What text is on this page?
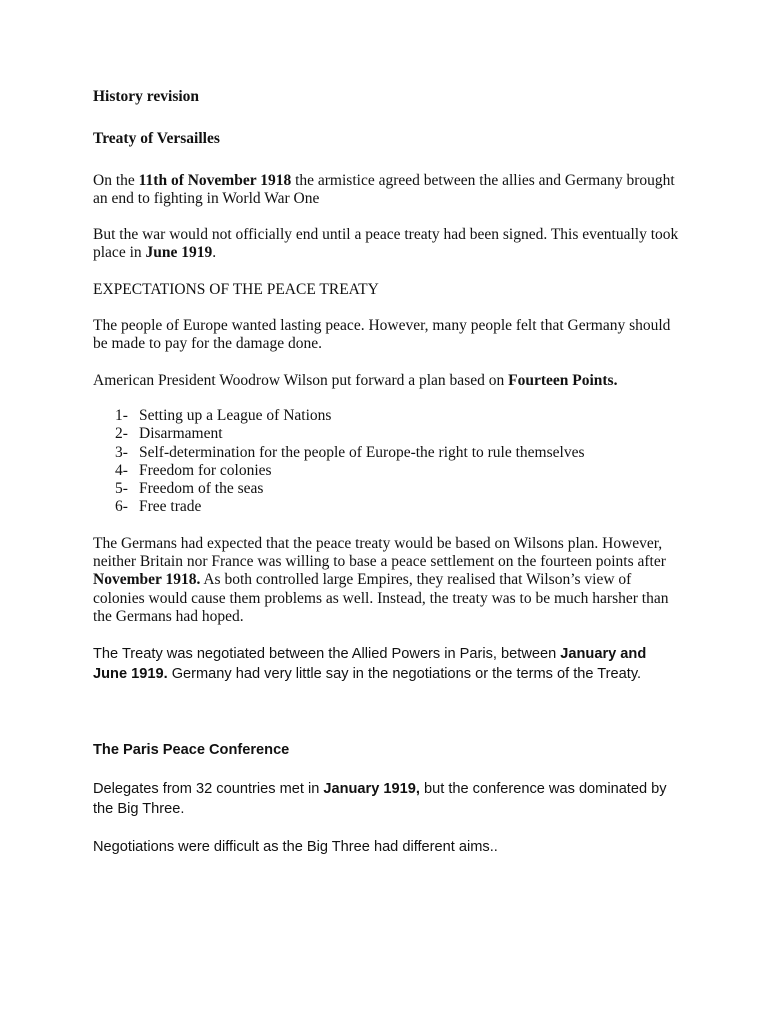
History revision

Treaty of Versailles

On the 11th of November 1918 the armistice agreed between the allies and Germany brought an end to fighting in World War One

But the war would not officially end until a peace treaty had been signed. This eventually took place in June 1919.

EXPECTATIONS OF THE PEACE TREATY

The people of Europe wanted lasting peace. However, many people felt that Germany should be made to pay for the damage done.

American President Woodrow Wilson put forward a plan based on Fourteen Points.

1- Setting up a League of Nations
2- Disarmament
3- Self-determination for the people of Europe-the right to rule themselves
4- Freedom for colonies
5- Freedom of the seas
6- Free trade

The Germans had expected that the peace treaty would be based on Wilsons plan. However, neither Britain nor France was willing to base a peace settlement on the fourteen points after November 1918. As both controlled large Empires, they realised that Wilson’s view of colonies would cause them problems as well. Instead, the treaty was to be much harsher than the Germans had hoped.

The Treaty was negotiated between the Allied Powers in Paris, between January and June 1919. Germany had very little say in the negotiations or the terms of the Treaty.

The Paris Peace Conference

Delegates from 32 countries met in January 1919, but the conference was dominated by the Big Three.

Negotiations were difficult as the Big Three had different aims..
